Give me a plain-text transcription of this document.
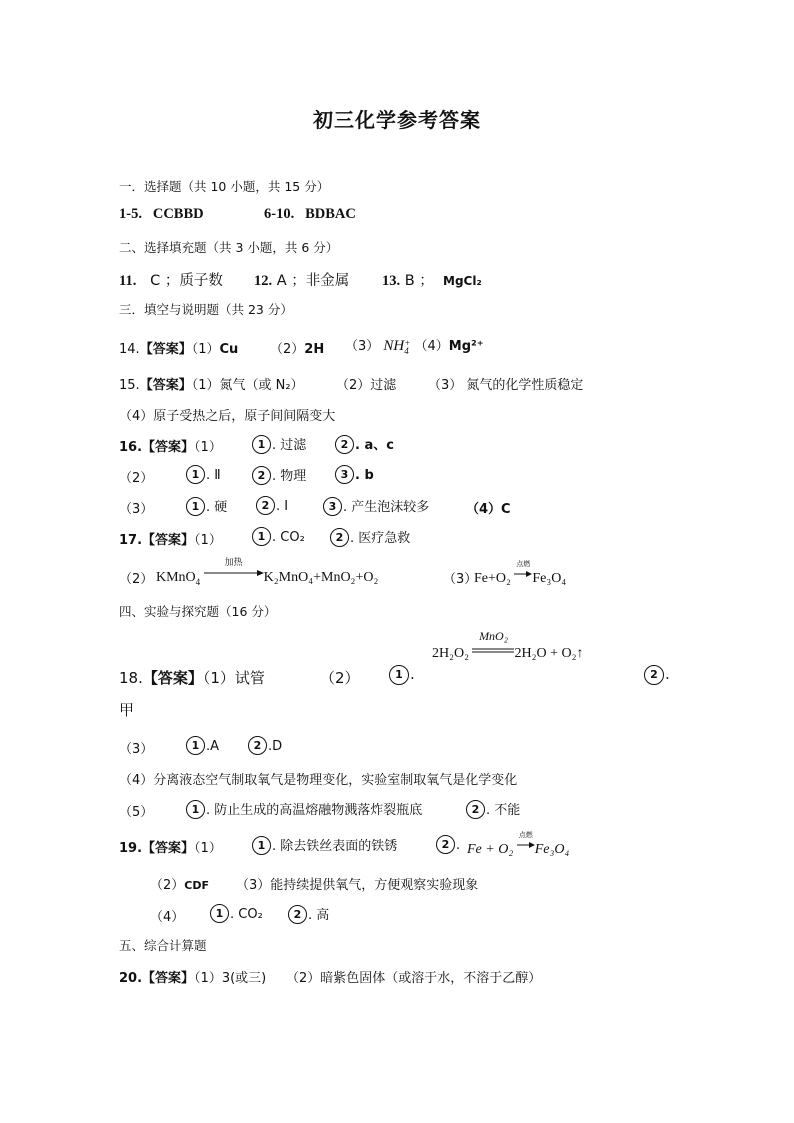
初三化学参考答案
一．选择题（共 10 小题，共 15 分）
1-5. CCBBD	6-10. BDBAC
二、选择填充题（共 3 小题，共 6 分）
11. C ；质子数 12. A ；非金属 13. B ； MgCl₂
三．填空与说明题（共 23 分）
14.【答案】（1）Cu （2）2H （3） NH +
4 （4）Mg²⁺
15.【答案】（1）氮气（或 N₂） （2）过滤 （3） 氮气的化学性质稳定
（4）原子受热之后，原子间间隔变大
16.【答案】（1）	1 . 过滤	2 . a、c
（2）	1 . Ⅱ	2 . 物理	3 . b
（3）	1 . 硬	2 . Ⅰ	3 . 产生泡沫较多	（4）C
17.【答案】（1）	1 . CO₂	2 . 医疗急救
（2） KMnO$_4$
加热
K₂MnO₄+MnO₂+O₂	（3）
Fe+O₂
点燃
Fe₃O₄
四、实验与探究题（16 分）
2H₂O₂
MnO₂
2H₂O + O₂↑
18.【答案】（1）试管	（2）	1 .	2 .
甲
（3）	1 .A	2 .D
（4）分离液态空气制取氧气是物理变化，实验室制取氧气是化学变化
（5）	1 . 防止生成的高温熔融物溅落炸裂瓶底	2 . 不能
19.【答案】（1）	1 . 除去铁丝表面的铁锈	2 . Fe + O₂
点燃
Fe₃O₄
（2）CDF （3）能持续提供氧气，方便观察实验现象
（4）	1 . CO₂	2 . 高
五、综合计算题
20.【答案】（1）3(或三) （2）暗紫色固体（或溶于水，不溶于乙醇）
